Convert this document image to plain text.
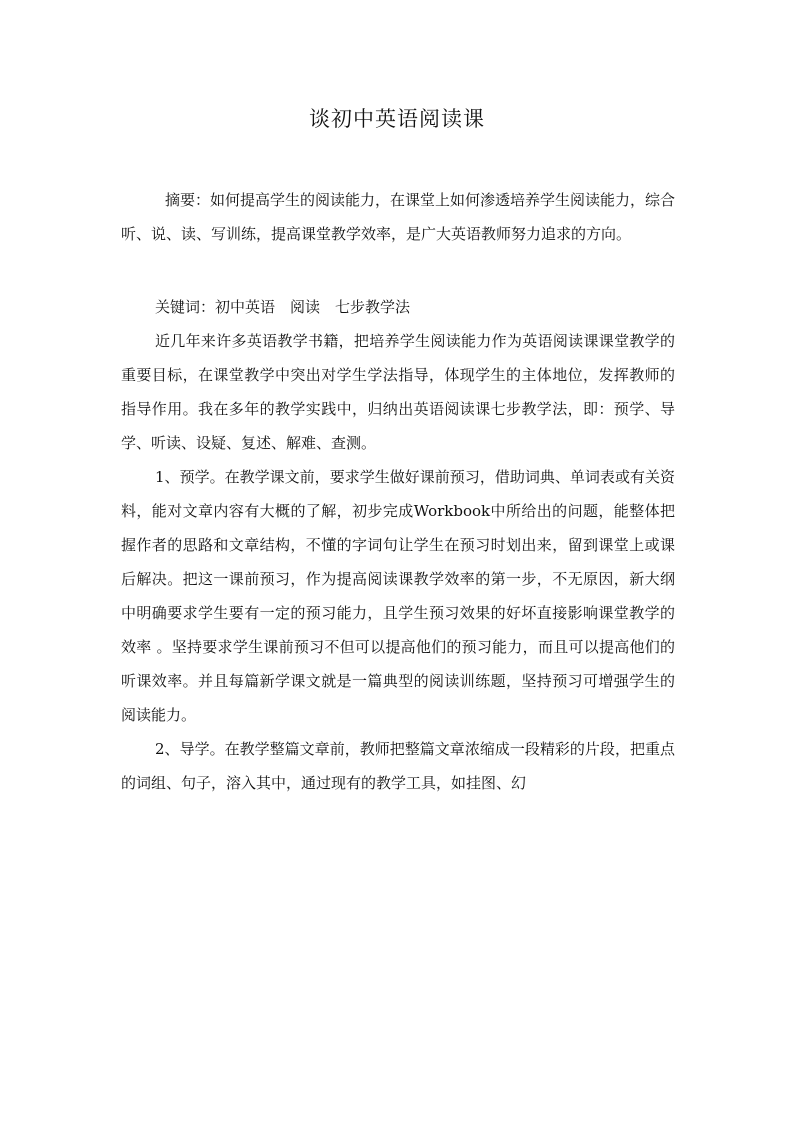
谈初中英语阅读课

摘要：如何提高学生的阅读能力，在课堂上如何渗透培养学生阅读能力，综合听、说、读、写训练，提高课堂教学效率，是广大英语教师努力追求的方向。

关键词：初中英语　阅读　七步教学法

近几年来许多英语教学书籍，把培养学生阅读能力作为英语阅读课课堂教学的重要目标，在课堂教学中突出对学生学法指导，体现学生的主体地位，发挥教师的指导作用。我在多年的教学实践中，归纳出英语阅读课七步教学法，即：预学、导学、听读、设疑、复述、解难、查测。

1、预学。在教学课文前，要求学生做好课前预习，借助词典、单词表或有关资料，能对文章内容有大概的了解，初步完成Workbook中所给出的问题，能整体把握作者的思路和文章结构，不懂的字词句让学生在预习时划出来，留到课堂上或课后解决。把这一课前预习，作为提高阅读课教学效率的第一步，不无原因，新大纲中明确要求学生要有一定的预习能力，且学生预习效果的好坏直接影响课堂教学的效率 。坚持要求学生课前预习不但可以提高他们的预习能力，而且可以提高他们的听课效率。并且每篇新学课文就是一篇典型的阅读训练题，坚持预习可增强学生的阅读能力。

2、导学。在教学整篇文章前，教师把整篇文章浓缩成一段精彩的片段，把重点的词组、句子，溶入其中，通过现有的教学工具，如挂图、幻
